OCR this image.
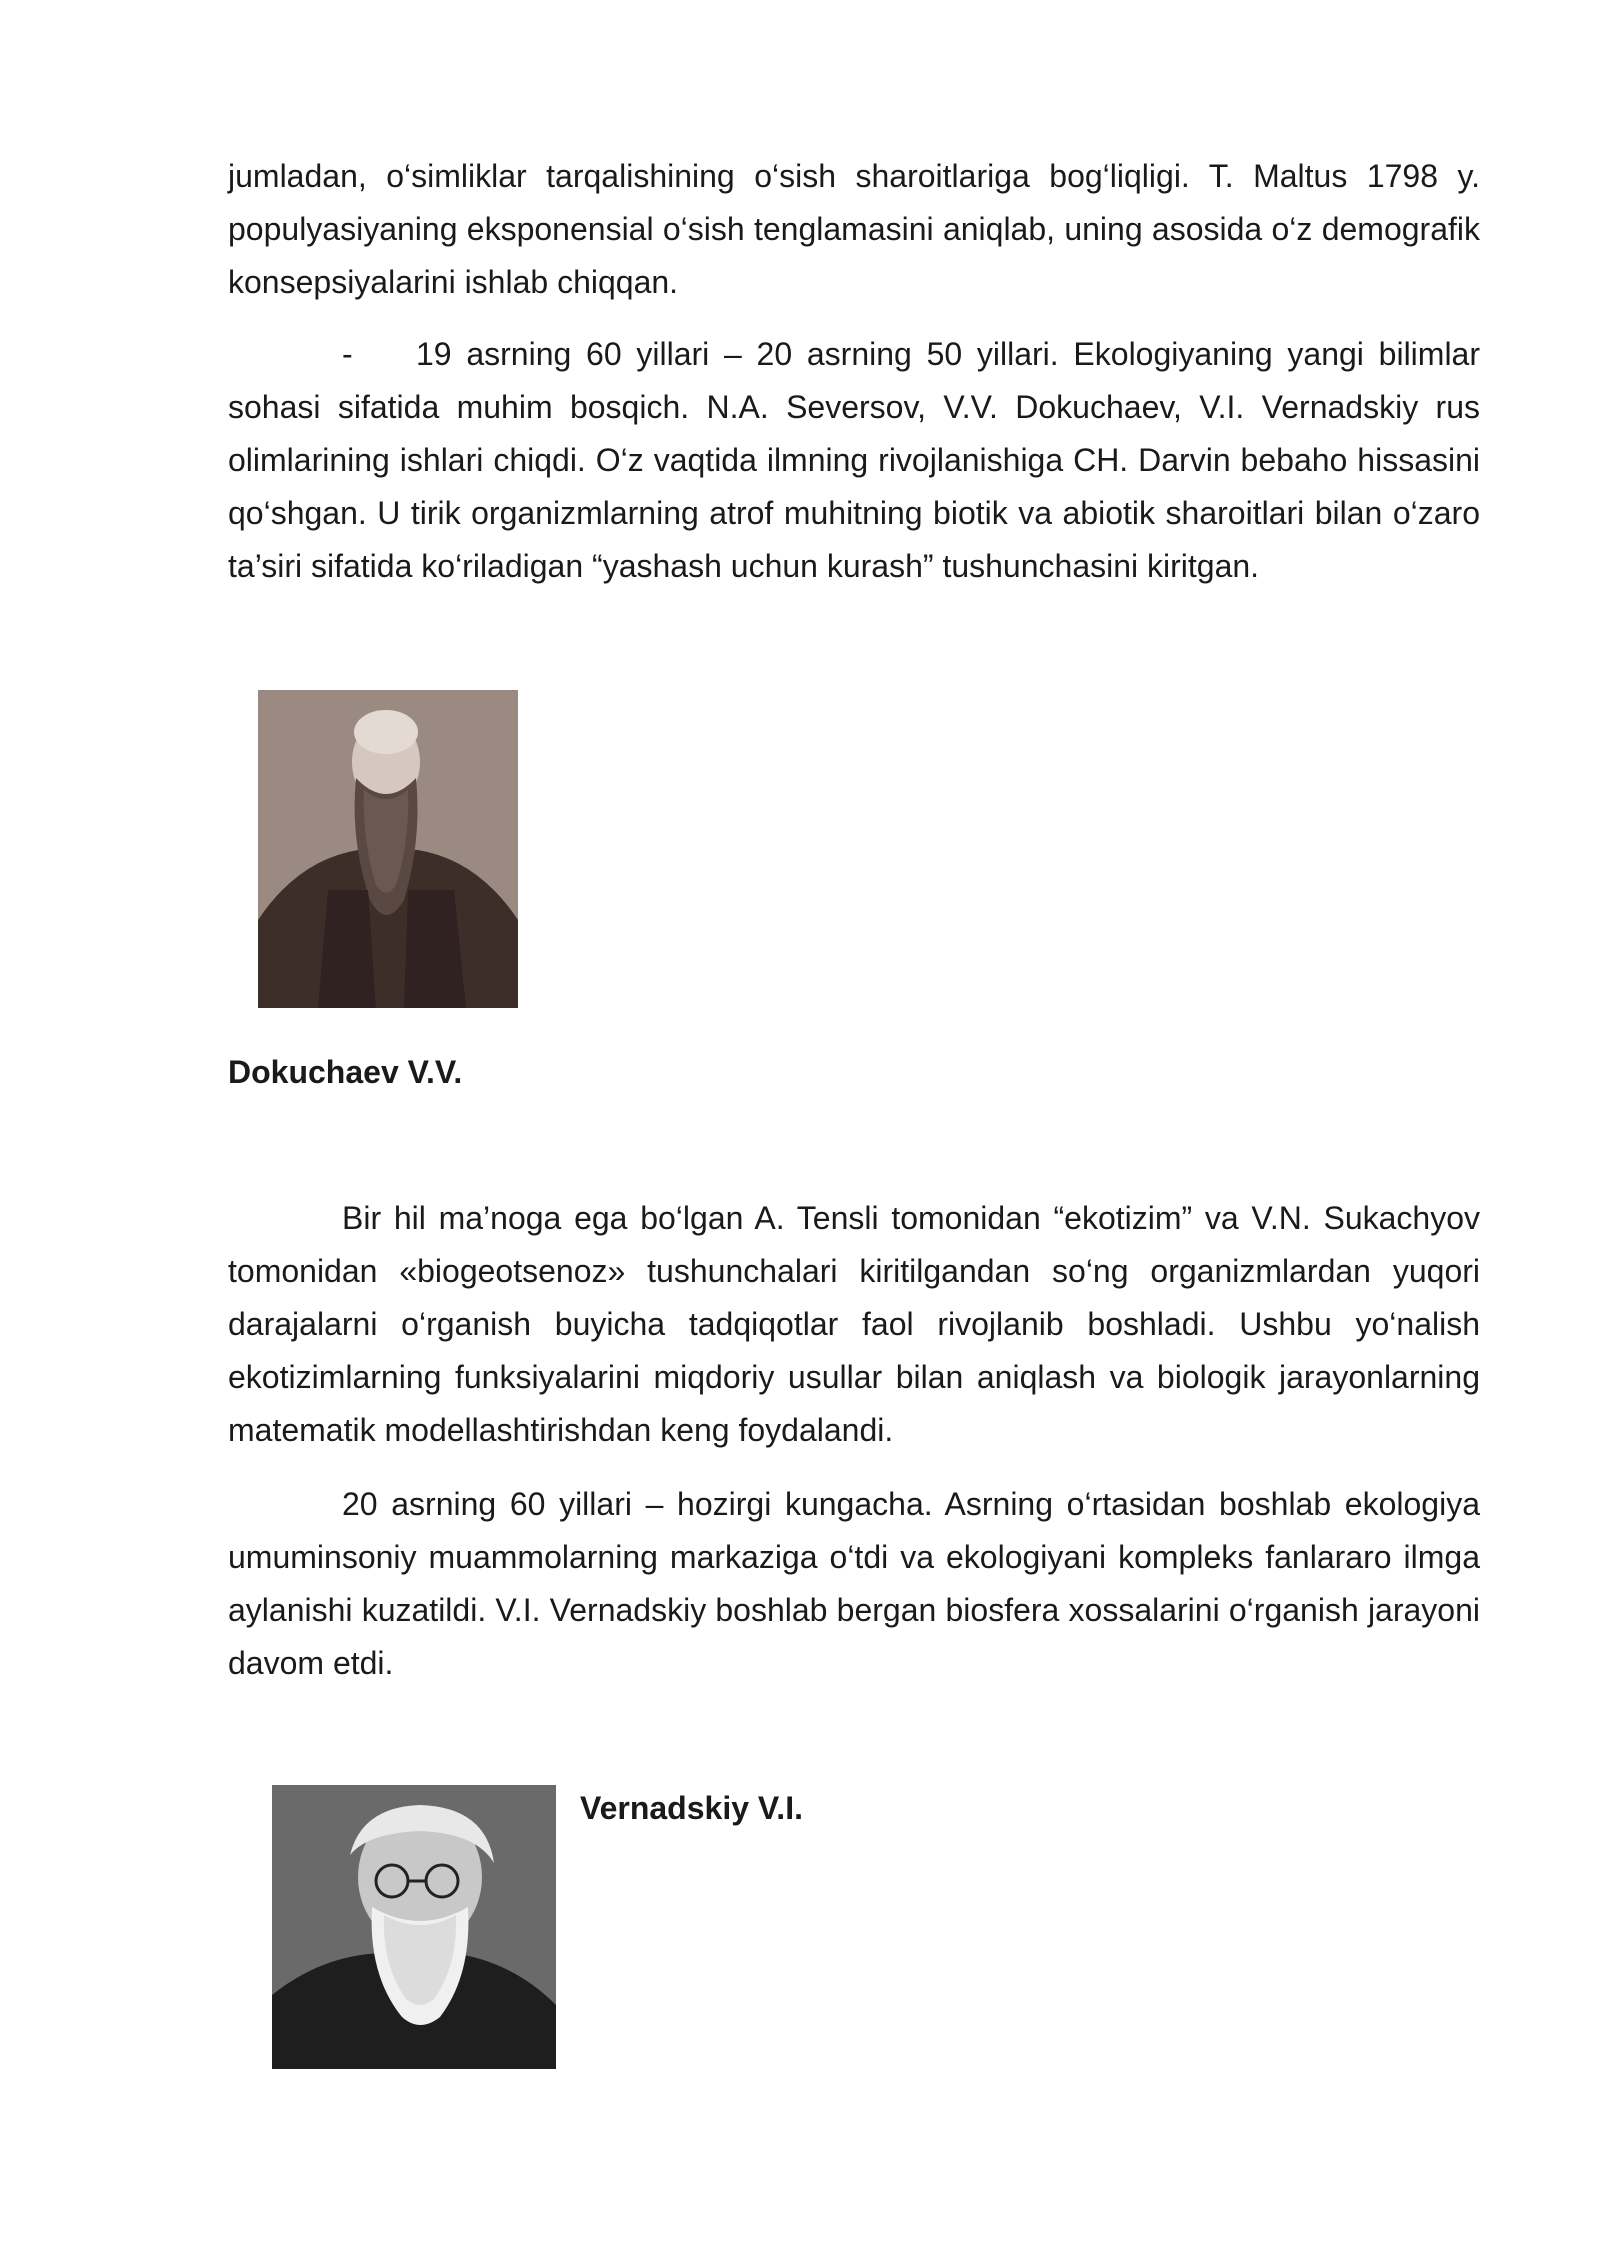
jumladan, o‘simliklar tarqalishining o‘sish sharoitlariga bog‘liqligi. T. Maltus 1798 y. populyasiyaning eksponensial o‘sish tenglamasini aniqlab, uning asosida o‘z demografik konsepsiyalarini ishlab chiqqan.

- 19 asrning 60 yillari – 20 asrning 50 yillari. Ekologiyaning yangi bilimlar sohasi sifatida muhim bosqich. N.A. Seversov, V.V. Dokuchaev, V.I. Vernadskiy rus olimlarining ishlari chiqdi. O‘z vaqtida ilmning rivojlanishiga CH. Darvin bebaho hissasini qo‘shgan. U tirik organizmlarning atrof muhitning biotik va abiotik sharoitlari bilan o‘zaro ta’siri sifatida ko‘riladigan “yashash uchun kurash” tushunchasini kiritgan.

Dokuchaev V.V.

Bir hil ma’noga ega bo‘lgan A. Tensli tomonidan “ekotizim” va V.N. Sukachyov tomonidan «biogeotsenoz» tushunchalari kiritilgandan so‘ng organizmlardan yuqori darajalarni o‘rganish buyicha tadqiqotlar faol rivojlanib boshladi. Ushbu yo‘nalish ekotizimlarning funksiyalarini miqdoriy usullar bilan aniqlash va biologik jarayonlarning matematik modellashtirishdan keng foydalandi.

20 asrning 60 yillari – hozirgi kungacha. Asrning o‘rtasidan boshlab ekologiya umuminsoniy muammolarning markaziga o‘tdi va ekologiyani kompleks fanlararo ilmga aylanishi kuzatildi. V.I. Vernadskiy boshlab bergan biosfera xossalarini o‘rganish jarayoni davom etdi.

Vernadskiy V.I.
